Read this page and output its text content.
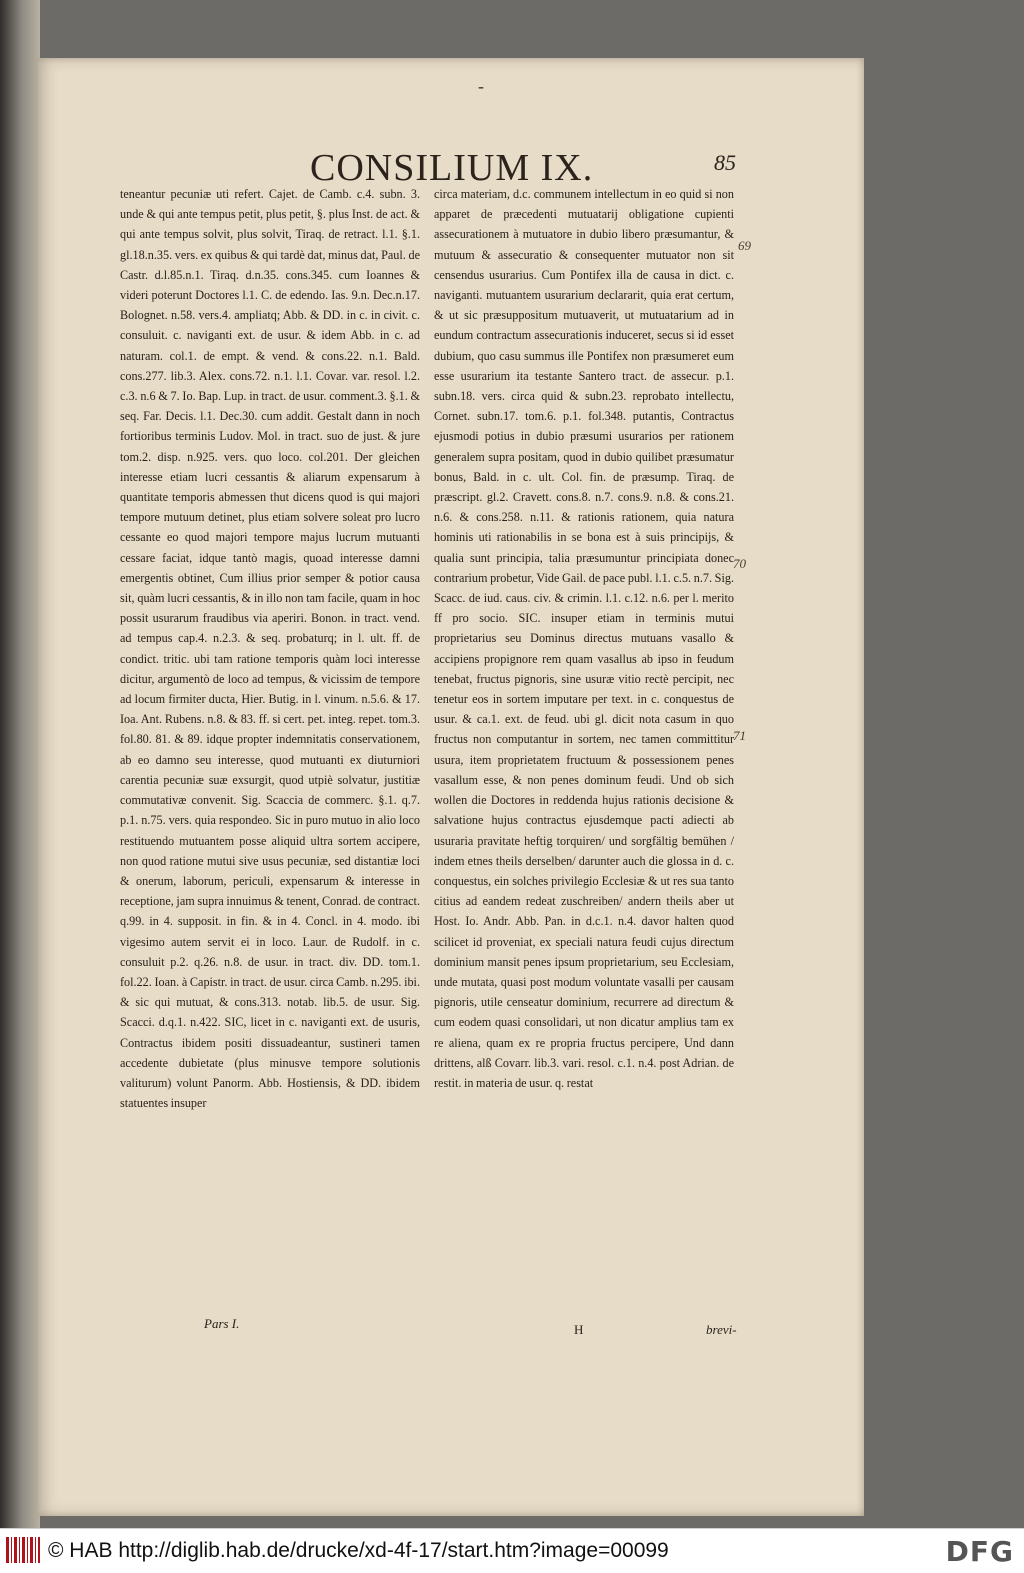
-
CONSILIUM IX.	85

teneantur pecuniæ uti refert. Cajet. de Camb. c.4. subn. 3. unde & qui ante tempus petit, plus petit, §. plus Inst. de act. & qui ante tempus solvit, plus solvit, Tiraq. de retract. l.1. §.1. gl.18.n.35. vers. ex quibus & qui tardè dat, minus dat, Paul. de Castr. d.l.85.n.1. Tiraq. d.n.35. cons.345. cum Ioannes & videri poterunt Doctores l.1. C. de edendo. Ias. 9.n. Dec.n.17. Bolognet. n.58. vers.4. ampliatq; Abb. & DD. in c. in civit. c. consuluit. c. naviganti ext. de usur. & idem Abb. in c. ad naturam. col.1. de empt. & vend. & cons.22. n.1. Bald. cons.277. lib.3. Alex. cons.72. n.1. l.1. Covar. var. resol. l.2. c.3. n.6 & 7. Io. Bap. Lup. in tract. de usur. comment.3. §.1. & seq. Far. Decis. l.1. Dec.30. cum addit. Gestalt dann in noch fortioribus terminis Ludov. Mol. in tract. suo de just. & jure tom.2. disp. n.925. vers. quo loco. col.201. Der gleichen interesse etiam lucri cessantis & aliarum expensarum à quantitate temporis abmessen thut dicens quod is qui majori tempore mutuum detinet, plus etiam solvere soleat pro lucro cessante eo quod majori tempore majus lucrum mutuanti cessare faciat, idque tantò magis, quoad interesse damni emergentis obtinet, Cum illius prior semper & potior causa sit, quàm lucri cessantis, & in illo non tam facile, quam in hoc possit usurarum fraudibus via aperiri. Bonon. in tract. vend. ad tempus cap.4. n.2.3. & seq. probaturq; in l. ult. ff. de condict. tritic. ubi tam ratione temporis quàm loci interesse dicitur, argumentò de loco ad tempus, & vicissim de tempore ad locum firmiter ducta, Hier. Butig. in l. vinum. n.5.6. & 17. Ioa. Ant. Rubens. n.8. & 83. ff. si cert. pet. integ. repet. tom.3. fol.80. 81. & 89. idque propter indemnitatis conservationem, ab eo damno seu interesse, quod mutuanti ex diuturniori carentia pecuniæ suæ exsurgit, quod utpiè solvatur, justitiæ commutativæ convenit. Sig. Scaccia de commerc. §.1. q.7. p.1. n.75. vers. quia respondeo. Sic in puro mutuo in alio loco restituendo mutuantem posse aliquid ultra sortem accipere, non quod ratione mutui sive usus pecuniæ, sed distantiæ loci & onerum, laborum, periculi, expensarum & interesse in receptione, jam supra innuimus & tenent, Conrad. de contract. q.99. in 4. supposit. in fin. & in 4. Concl. in 4. modo. ibi vigesimo autem servit ei in loco. Laur. de Rudolf. in c. consuluit p.2. q.26. n.8. de usur. in tract. div. DD. tom.1. fol.22. Ioan. à Capistr. in tract. de usur. circa Camb. n.295. ibi. & sic qui mutuat, & cons.313. notab. lib.5. de usur. Sig. Scacci. d.q.1. n.422. SIC, licet in c. naviganti ext. de usuris, Contractus ibidem positi dissuadeantur, sustineri tamen accedente dubietate (plus minusve tempore solutionis valiturum) volunt Panorm. Abb. Hostiensis, & DD. ibidem statuentes insuper

circa materiam, d.c. communem intellectum in eo quid si non apparet de præcedenti mutuatarij obligatione cupienti assecurationem à mutuatore in dubio libero præsumantur, & mutuum & assecuratio & consequenter mutuator non sit censendus usurarius. Cum Pontifex illa de causa in dict. c. naviganti. mutuantem usurarium declararit, quia erat certum, & ut sic præsuppositum mutuaverit, ut mutuatarium ad in eundum contractum assecurationis induceret, secus si id esset dubium, quo casu summus ille Pontifex non præsumeret eum esse usurarium ita testante Santero tract. de assecur. p.1. subn.18. vers. circa quid & subn.23. reprobato intellectu, Cornet. subn.17. tom.6. p.1. fol.348. putantis, Contractus ejusmodi potius in dubio præsumi usurarios per rationem generalem supra positam, quod in dubio quilibet præsumatur bonus, Bald. in c. ult. Col. fin. de præsump. Tiraq. de præscript. gl.2. Cravett. cons.8. n.7. cons.9. n.8. & cons.21. n.6. & cons.258. n.11. & rationis rationem, quia natura hominis uti rationabilis in se bona est à suis principijs, & qualia sunt principia, talia præsumuntur principiata donec contrarium probetur, Vide Gail. de pace publ. l.1. c.5. n.7. Sig. Scacc. de iud. caus. civ. & crimin. l.1. c.12. n.6. per l. merito ff pro socio. SIC. insuper etiam in terminis mutui proprietarius seu Dominus directus mutuans vasallo & accipiens propignore rem quam vasallus ab ipso in feudum tenebat, fructus pignoris, sine usuræ vitio rectè percipit, nec tenetur eos in sortem imputare per text. in c. conquestus de usur. & ca.1. ext. de feud. ubi gl. dicit nota casum in quo fructus non computantur in sortem, nec tamen committitur usura, item proprietatem fructuum & possessionem penes vasallum esse, & non penes dominum feudi. Und ob sich wollen die Doctores in reddenda hujus rationis decisione & salvatione hujus contractus ejusdemque pacti adiecti ab usuraria pravitate heftig torquiren/ und sorgfältig bemühen / indem etnes theils derselben/ darunter auch die glossa in d. c. conquestus, ein solches privilegio Ecclesiæ & ut res sua tanto citius ad eandem redeat zuschreiben/ andern theils aber ut Host. Io. Andr. Abb. Pan. in d.c.1. n.4. davor halten quod scilicet id proveniat, ex speciali natura feudi cujus directum dominium mansit penes ipsum proprietarium, seu Ecclesiam, unde mutata, quasi post modum voluntate vasalli per causam pignoris, utile censeatur dominium, recurrere ad directum & cum eodem quasi consolidari, ut non dicatur amplius tam ex re aliena, quam ex re propria fructus percipere, Und dann drittens, alß Covarr. lib.3. vari. resol. c.1. n.4. post Adrian. de restit. in materia de usur. q. restat

69
70
71
Pars I.	H	brevi-
© HAB http://diglib.hab.de/drucke/xd-4f-17/start.htm?image=00099	DFG
